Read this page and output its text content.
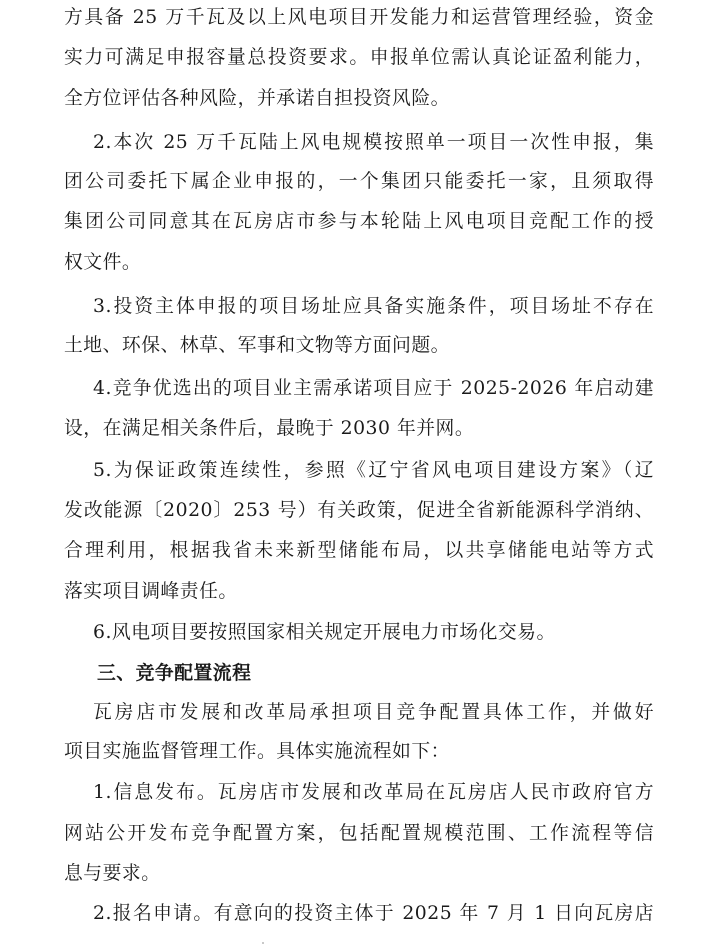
方具备 25 万千瓦及以上风电项目开发能力和运营管理经验，资金
实力可满足申报容量总投资要求。申报单位需认真论证盈利能力，
全方位评估各种风险，并承诺自担投资风险。
2.本次 25 万千瓦陆上风电规模按照单一项目一次性申报，集
团公司委托下属企业申报的，一个集团只能委托一家，且须取得
集团公司同意其在瓦房店市参与本轮陆上风电项目竞配工作的授
权文件。
3.投资主体申报的项目场址应具备实施条件，项目场址不存在
土地、环保、林草、军事和文物等方面问题。
4.竞争优选出的项目业主需承诺项目应于 2025-2026 年启动建
设，在满足相关条件后，最晚于 2030 年并网。
5.为保证政策连续性，参照《辽宁省风电项目建设方案》（辽
发改能源〔2020〕253 号）有关政策，促进全省新能源科学消纳、
合理利用，根据我省未来新型储能布局，以共享储能电站等方式
落实项目调峰责任。
6.风电项目要按照国家相关规定开展电力市场化交易。
三、竞争配置流程
瓦房店市发展和改革局承担项目竞争配置具体工作，并做好
项目实施监督管理工作。具体实施流程如下：
1.信息发布。瓦房店市发展和改革局在瓦房店人民市政府官方
网站公开发布竞争配置方案，包括配置规模范围、工作流程等信
息与要求。
2.报名申请。有意向的投资主体于 2025 年 7 月 1 日向瓦房店
